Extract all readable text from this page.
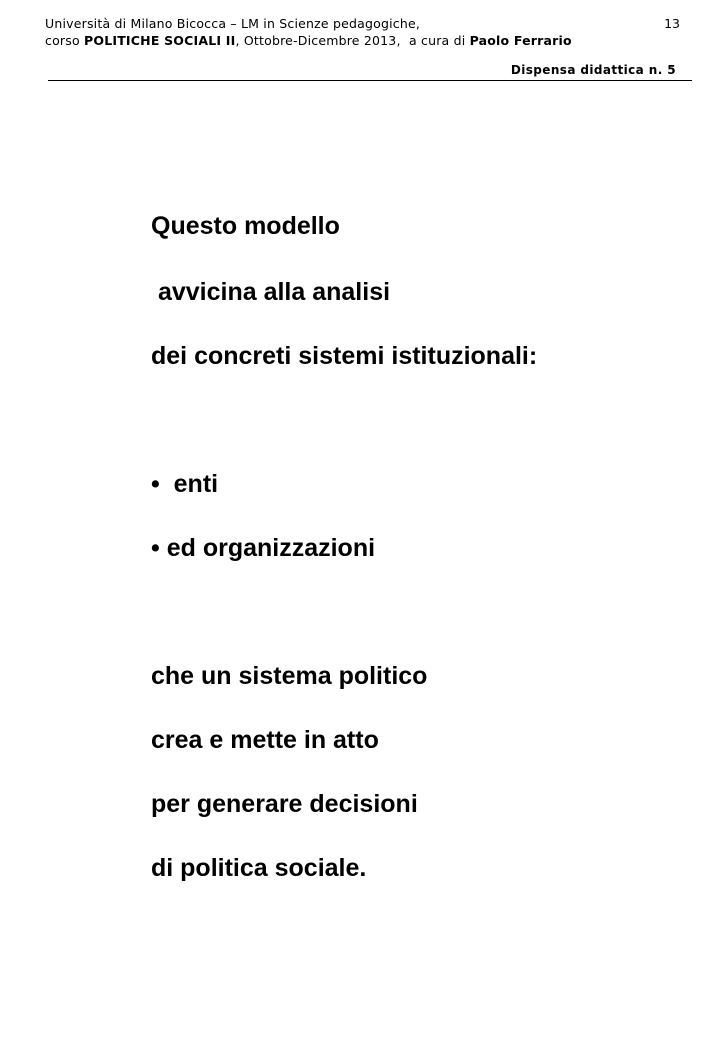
Università di Milano Bicocca – LM in Scienze pedagogiche,
corso POLITICHE SOCIALI II, Ottobre-Dicembre 2013,  a cura di Paolo Ferrario
13
Dispensa didattica n. 5
Questo modello
avvicina alla analisi
dei concreti sistemi istituzionali:
•  enti
• ed organizzazioni
che un sistema politico
crea e mette in atto
per generare decisioni
di politica sociale.
